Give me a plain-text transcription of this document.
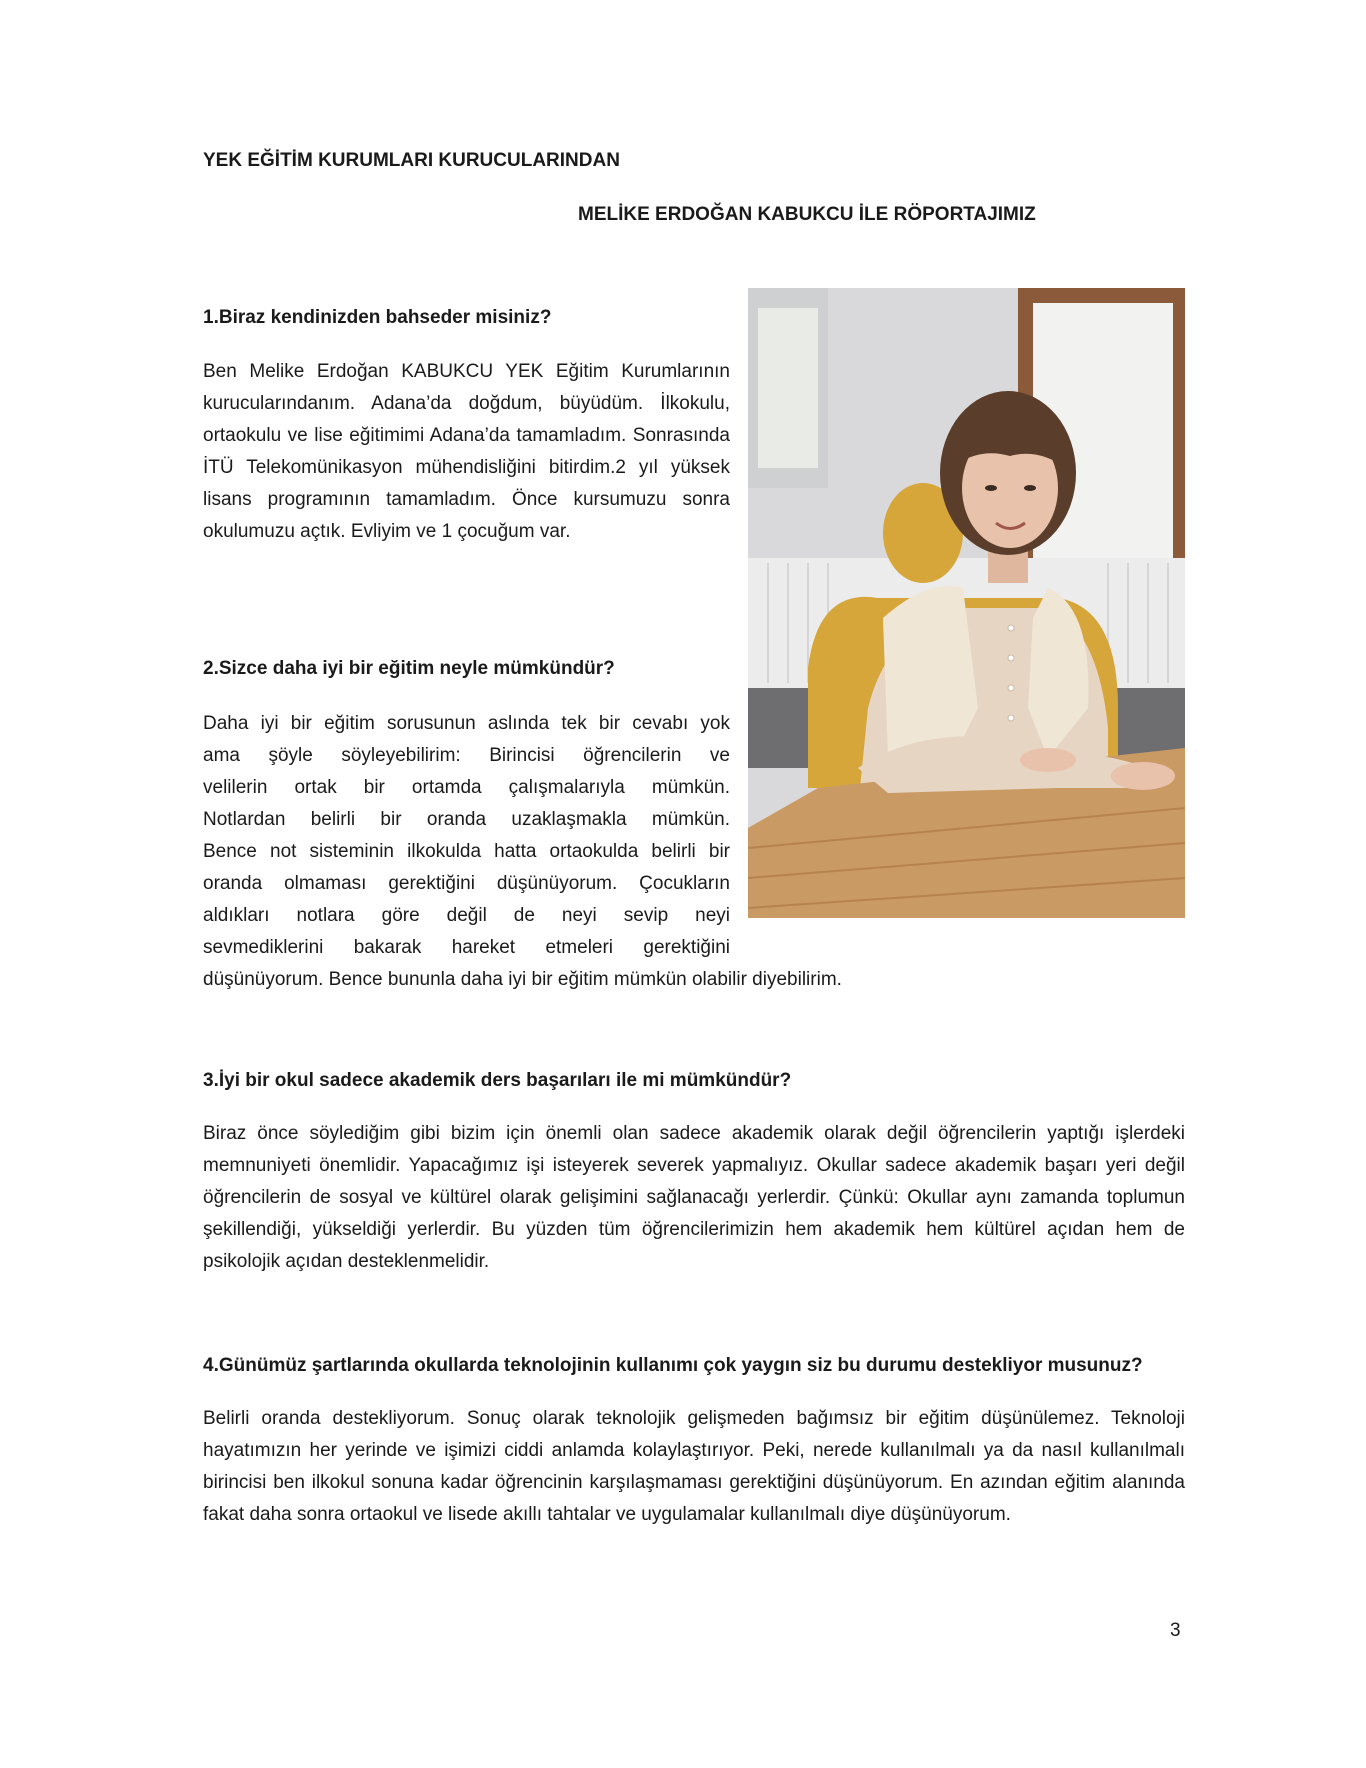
YEK EĞİTİM KURUMLARI KURUCULARINDAN
MELİKE ERDOĞAN KABUKCU İLE RÖPORTAJIMIZ
1.Biraz kendinizden bahseder misiniz?

Ben Melike Erdoğan KABUKCU YEK Eğitim Kurumlarının kurucularındanım. Adana’da doğdum, büyüdüm. İlkokulu, ortaokulu ve lise eğitimimi Adana’da tamamladım. Sonrasında İTÜ Telekomünikasyon mühendisliğini bitirdim.2 yıl yüksek lisans programının tamamladım. Önce kursumuzu sonra okulumuzu açtık. Evliyim ve 1 çocuğum var.

2.Sizce daha iyi bir eğitim neyle mümkündür?
Daha iyi bir eğitim sorusunun aslında tek bir cevabı yok
ama şöyle söyleyebilirim: Birincisi öğrencilerin ve
velilerin ortak bir ortamda çalışmalarıyla mümkün.
Notlardan belirli bir oranda uzaklaşmakla mümkün.
Bence not sisteminin ilkokulda hatta ortaokulda belirli bir
oranda olmaması gerektiğini düşünüyorum. Çocukların
aldıkları notlara göre değil de neyi sevip neyi
sevmediklerini bakarak hareket etmeleri gerektiğini
düşünüyorum. Bence bununla daha iyi bir eğitim mümkün olabilir diyebilirim.
3.İyi bir okul sadece akademik ders başarıları ile mi mümkündür?

Biraz önce söylediğim gibi bizim için önemli olan sadece akademik olarak değil öğrencilerin yaptığı işlerdeki memnuniyeti önemlidir. Yapacağımız işi isteyerek severek yapmalıyız. Okullar sadece akademik başarı yeri değil öğrencilerin de sosyal ve kültürel olarak gelişimini sağlanacağı yerlerdir. Çünkü: Okullar aynı zamanda toplumun şekillendiği, yükseldiği yerlerdir. Bu yüzden tüm öğrencilerimizin hem akademik hem kültürel açıdan hem de psikolojik açıdan desteklenmelidir.

4.Günümüz şartlarında okullarda teknolojinin kullanımı çok yaygın siz bu durumu destekliyor musunuz?

Belirli oranda destekliyorum. Sonuç olarak teknolojik gelişmeden bağımsız bir eğitim düşünülemez. Teknoloji hayatımızın her yerinde ve işimizi ciddi anlamda kolaylaştırıyor. Peki, nerede kullanılmalı ya da nasıl kullanılmalı birincisi ben ilkokul sonuna kadar öğrencinin karşılaşmaması gerektiğini düşünüyorum. En azından eğitim alanında fakat daha sonra ortaokul ve lisede akıllı tahtalar ve uygulamalar kullanılmalı diye düşünüyorum.

3
